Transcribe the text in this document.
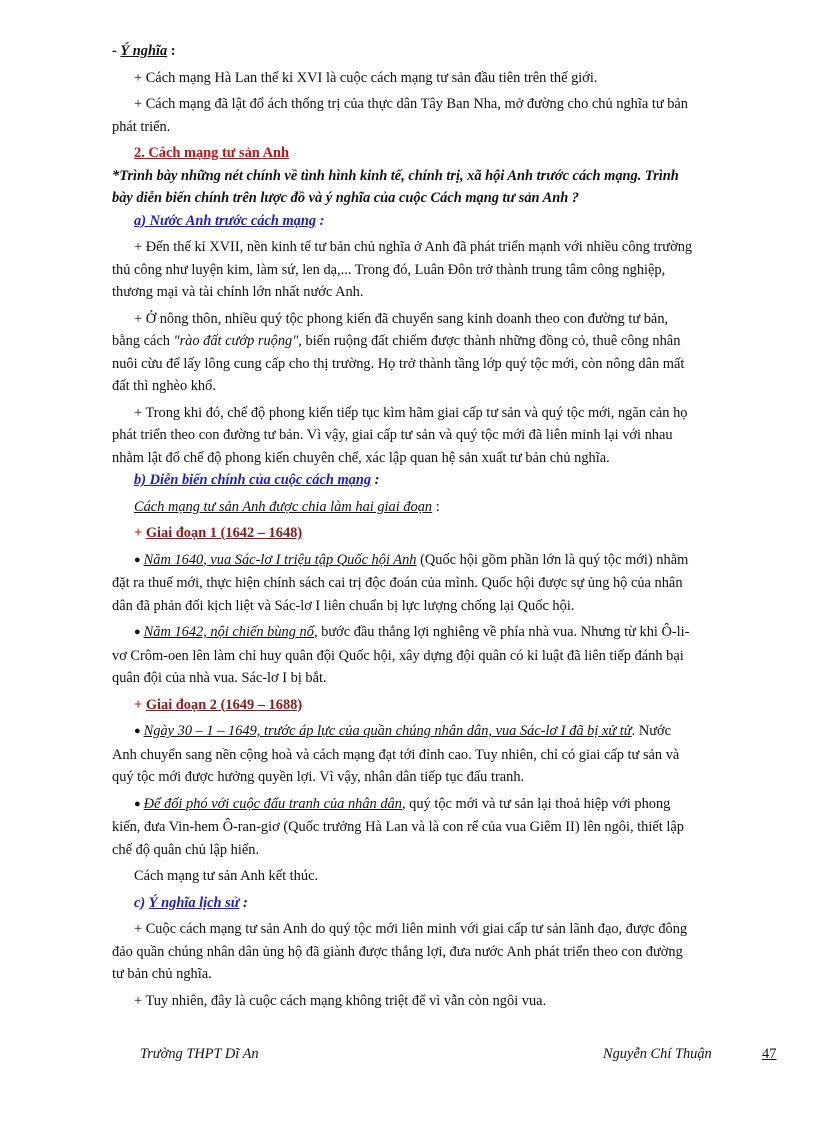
- Ý nghĩa :

+ Cách mạng Hà Lan thế kỉ XVI là cuộc cách mạng tư sản đầu tiên trên thế giới.

+ Cách mạng đã lật đổ ách thống trị của thực dân Tây Ban Nha, mở đường cho chủ nghĩa tư bản
phát triển.

2. Cách mạng tư sản Anh

*Trình bày những nét chính về tình hình kinh tế, chính trị, xã hội Anh trước cách mạng. Trình
bày diễn biến chính trên lược đồ và ý nghĩa của cuộc Cách mạng tư sản Anh ?

a) Nước Anh trước cách mạng :

+ Đến thế kỉ XVII, nền kinh tế tư bản chủ nghĩa ở Anh đã phát triển mạnh với nhiều công trường
thủ công như luyện kim, làm sứ, len dạ,... Trong đó, Luân Đôn trở thành trung tâm công nghiệp,
thương mại và tài chính lớn nhất nước Anh.

+ Ở nông thôn, nhiều quý tộc phong kiến đã chuyển sang kinh doanh theo con đường tư bản,
bằng cách "rào đất cướp ruộng", biến ruộng đất chiếm được thành những đồng cỏ, thuê công nhân
nuôi cừu để lấy lông cung cấp cho thị trường. Họ trở thành tầng lớp quý tộc mới, còn nông dân mất
đất thì nghèo khổ.

+ Trong khi đó, chế độ phong kiến tiếp tục kìm hãm giai cấp tư sản và quý tộc mới, ngăn cản họ
phát triển theo con đường tư bản. Vì vậy, giai cấp tư sản và quý tộc mới đã liên minh lại với nhau
nhằm lật đổ chế độ phong kiến chuyên chế, xác lập quan hệ sản xuất tư bản chủ nghĩa.

b) Diễn biến chính của cuộc cách mạng :

Cách mạng tư sản Anh được chia làm hai giai đoạn :

+ Giai đoạn 1 (1642 – 1648)

● Năm 1640, vua Sác-lơ I triệu tập Quốc hội Anh (Quốc hội gồm phần lớn là quý tộc mới) nhằm
đặt ra thuế mới, thực hiện chính sách cai trị độc đoán của mình. Quốc hội được sự ủng hộ của nhân
dân đã phản đối kịch liệt và Sác-lơ I liên chuẩn bị lực lượng chống lại Quốc hội.

● Năm 1642, nội chiến bùng nổ, bước đầu thắng lợi nghiêng về phía nhà vua. Nhưng từ khi Ô-li-
vơ Crôm-oen lên làm chỉ huy quân đội Quốc hội, xây dựng đội quân có kỉ luật đã liên tiếp đánh bại
quân đội của nhà vua. Sác-lơ I bị bắt.

+ Giai đoạn 2 (1649 – 1688)

● Ngày 30 – 1 – 1649, trước áp lực của quần chúng nhân dân, vua Sác-lơ I đã bị xử tử. Nước
Anh chuyển sang nền cộng hoà và cách mạng đạt tới đỉnh cao. Tuy nhiên, chỉ có giai cấp tư sản và
quý tộc mới được hưởng quyền lợi. Vì vậy, nhân dân tiếp tục đấu tranh.

● Để đối phó với cuộc đấu tranh của nhân dân, quý tộc mới và tư sản lại thoả hiệp với phong
kiến, đưa Vin-hem Ô-ran-giơ (Quốc trưởng Hà Lan và là con rể của vua Giêm II) lên ngôi, thiết lập
chế độ quân chủ lập hiến.

Cách mạng tư sản Anh kết thúc.

c) Ý nghĩa lịch sử :

+ Cuộc cách mạng tư sản Anh do quý tộc mới liên minh với giai cấp tư sản lãnh đạo, được đông
đảo quần chúng nhân dân ủng hộ đã giành được thắng lợi, đưa nước Anh phát triển theo con đường
tư bản chủ nghĩa.

+ Tuy nhiên, đây là cuộc cách mạng không triệt để vì vẫn còn ngôi vua.

Trường THPT Dĩ An	Nguyễn Chí Thuận	47
